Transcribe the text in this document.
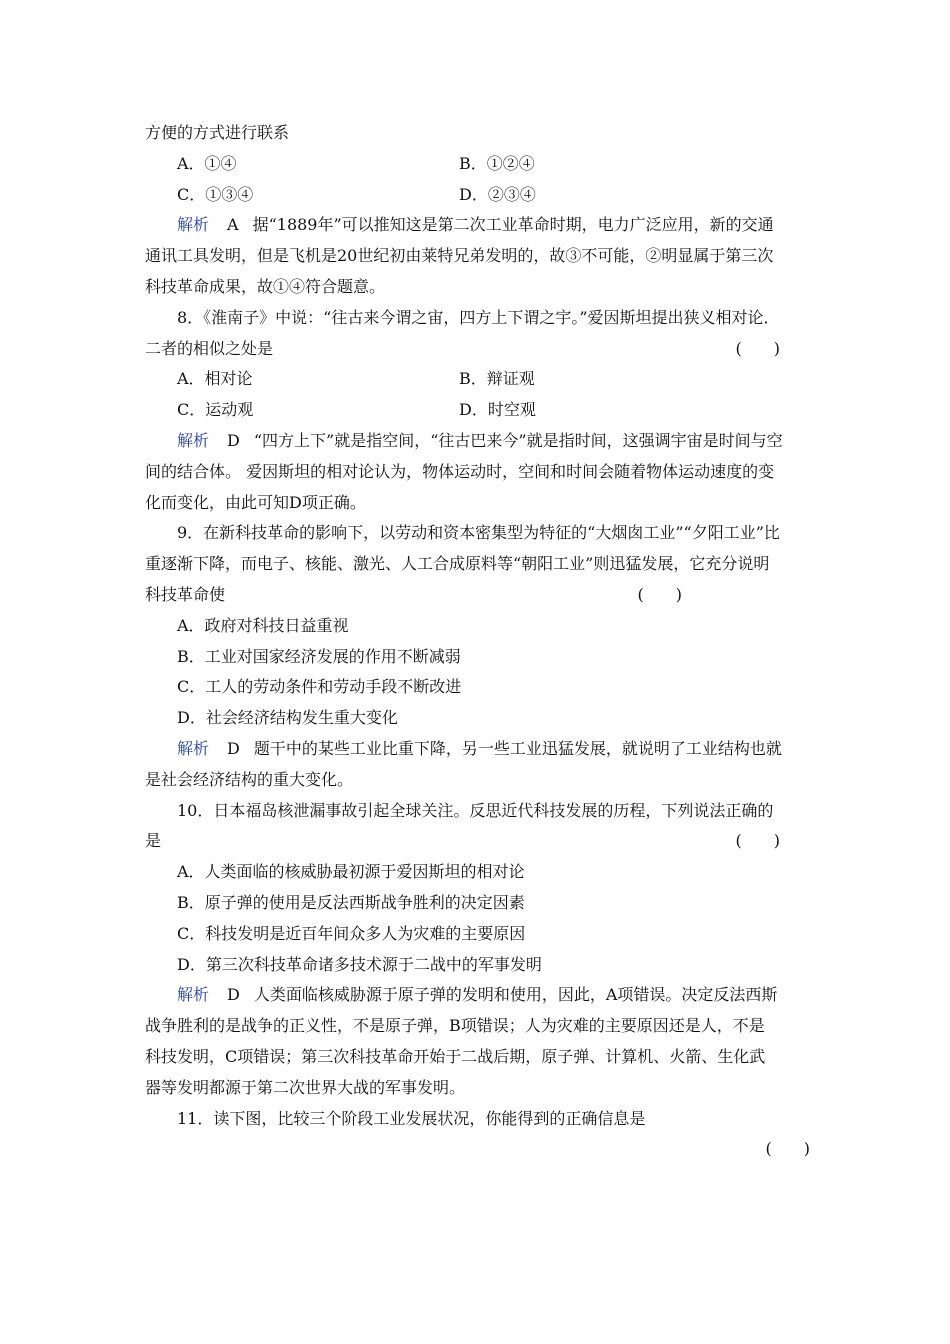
方便的方式进行联系
A．①④	B．①②④
C．①③④	D．②③④
解析 A 据“1889年”可以推知这是第二次工业革命时期，电力广泛应用，新的交通
通讯工具发明，但是飞机是20世纪初由莱特兄弟发明的，故③不可能，②明显属于第三次
科技革命成果，故①④符合题意。
8．《淮南子》中说：“往古来今谓之宙，四方上下谓之宇。”爱因斯坦提出狭义相对论．
二者的相似之处是	(　　)
A．相对论	B．辩证观
C．运动观	D．时空观
解析 D “四方上下”就是指空间，“往古巴来今”就是指时间，这强调宇宙是时间与空
间的结合体。 爱因斯坦的相对论认为，物体运动时，空间和时间会随着物体运动速度的变
化而变化，由此可知D项正确。
9．在新科技革命的影响下，以劳动和资本密集型为特征的“大烟囱工业”“夕阳工业”比
重逐渐下降，而电子、核能、激光、人工合成原料等“朝阳工业”则迅猛发展，它充分说明
科技革命使	(　　)
A．政府对科技日益重视
B．工业对国家经济发展的作用不断减弱
C．工人的劳动条件和劳动手段不断改进
D．社会经济结构发生重大变化
解析 D 题干中的某些工业比重下降，另一些工业迅猛发展，就说明了工业结构也就
是社会经济结构的重大变化。
10．日本福岛核泄漏事故引起全球关注。反思近代科技发展的历程，下列说法正确的
是	(　　)
A．人类面临的核威胁最初源于爱因斯坦的相对论
B．原子弹的使用是反法西斯战争胜利的决定因素
C．科技发明是近百年间众多人为灾难的主要原因
D．第三次科技革命诸多技术源于二战中的军事发明
解析 D 人类面临核威胁源于原子弹的发明和使用，因此，A项错误。决定反法西斯
战争胜利的是战争的正义性，不是原子弹，B项错误；人为灾难的主要原因还是人，不是
科技发明，C项错误；第三次科技革命开始于二战后期，原子弹、计算机、火箭、生化武
器等发明都源于第二次世界大战的军事发明。
11．读下图，比较三个阶段工业发展状况，你能得到的正确信息是
(　　)
